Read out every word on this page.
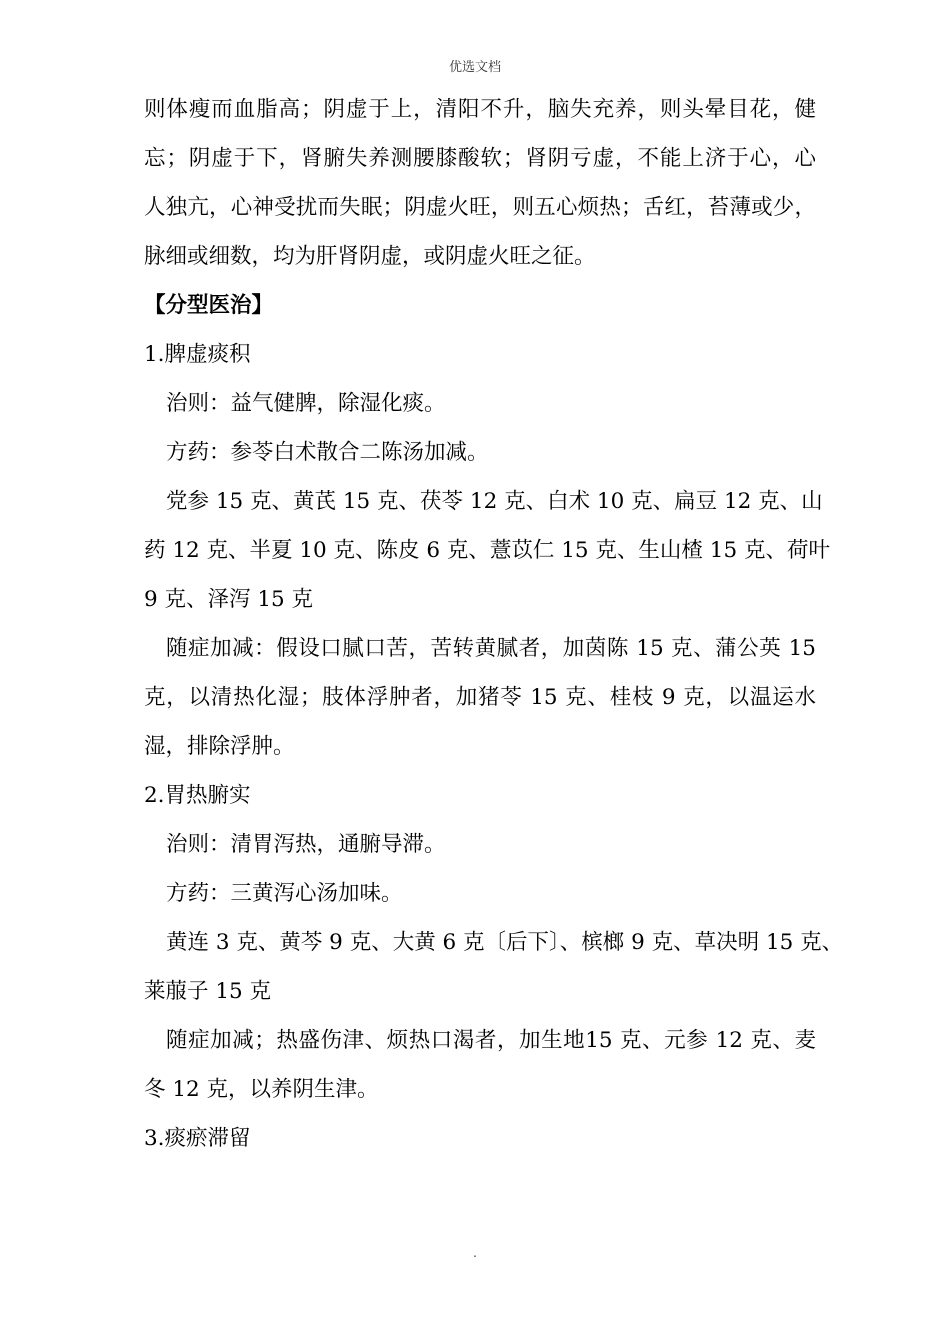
优选文档
则体瘦而血脂高；阴虚于上，清阳不升，脑失充养，则头晕目花，健
忘；阴虚于下，肾腑失养测腰膝酸软；肾阴亏虚，不能上济于心，心
人独亢，心神受扰而失眠；阴虚火旺，则五心烦热；舌红，苔薄或少，
脉细或细数，均为肝肾阴虚，或阴虚火旺之征。
【分型医治】
1.脾虚痰积
治则：益气健脾，除湿化痰。
方药：参苓白术散合二陈汤加减。
党参 15 克、黄芪 15 克、茯苓 12 克、白术 10 克、扁豆 12 克、山
药 12 克、半夏 10 克、陈皮 6 克、薏苡仁 15 克、生山楂 15 克、荷叶
9 克、泽泻 15 克
随症加减：假设口腻口苦，苦转黄腻者，加茵陈 15 克、蒲公英 15
克，以清热化湿；肢体浮肿者，加猪苓 15 克、桂枝 9 克，以温运水
湿，排除浮肿。
2.胃热腑实
治则：清胃泻热，通腑导滞。
方药：三黄泻心汤加味。
黄连 3 克、黄芩 9 克、大黄 6 克〔后下〕、槟榔 9 克、草决明 15 克、
莱菔子 15 克
随症加减；热盛伤津、烦热口渴者，加生地15 克、元参 12 克、麦
冬 12 克，以养阴生津。
3.痰瘀滞留
.
